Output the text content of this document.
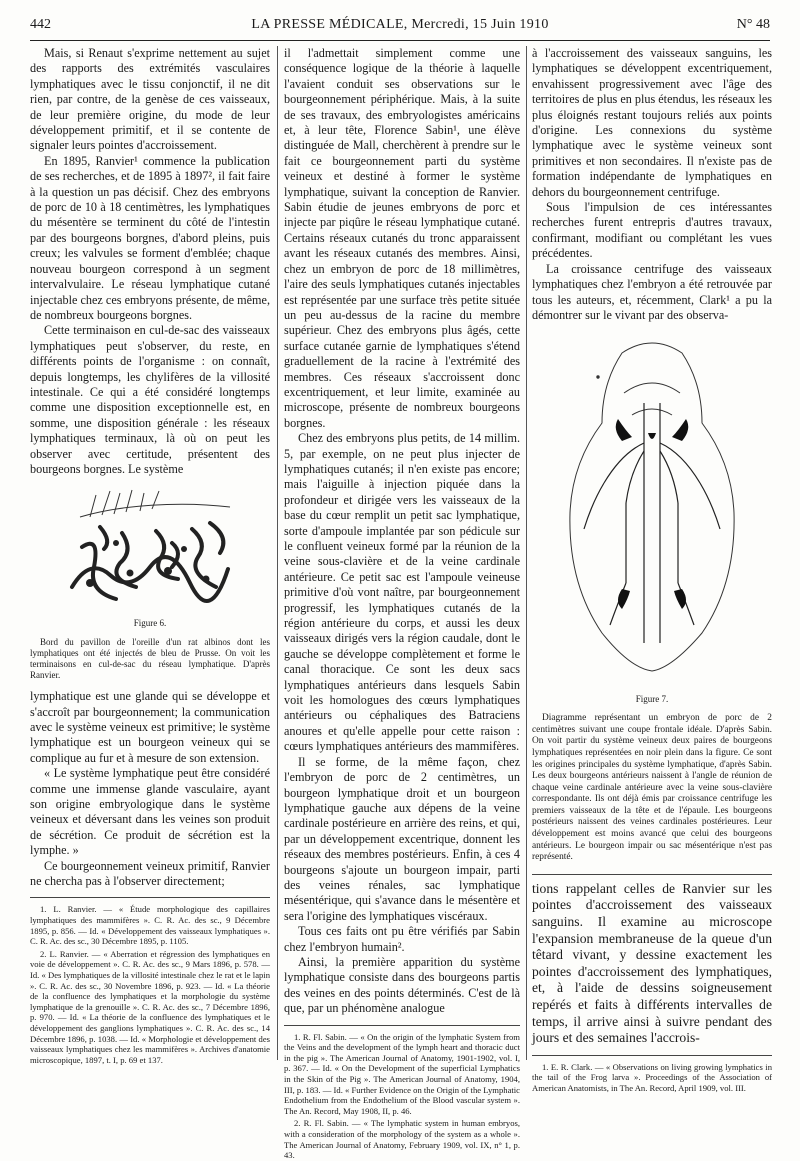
442	LA PRESSE MÉDICALE, Mercredi, 15 Juin 1910	N° 48

Mais, si Renaut s'exprime nettement au sujet des rapports des extrémités vasculaires lymphatiques avec le tissu conjonctif, il ne dit rien, par contre, de la genèse de ces vaisseaux, de leur première origine, du mode de leur développement primitif, et il se contente de signaler leurs pointes d'accroissement.

En 1895, Ranvier¹ commence la publication de ses recherches, et de 1895 à 1897², il fait faire à la question un pas décisif. Chez des embryons de porc de 10 à 18 centimètres, les lymphatiques du mésentère se terminent du côté de l'intestin par des bourgeons borgnes, d'abord pleins, puis creux; les valvules se forment d'emblée; chaque nouveau bourgeon correspond à un segment intervalvulaire. Le réseau lymphatique cutané injectable chez ces embryons présente, de même, de nombreux bourgeons borgnes.

Cette terminaison en cul-de-sac des vaisseaux lymphatiques peut s'observer, du reste, en différents points de l'organisme : on connaît, depuis longtemps, les chylifères de la villosité intestinale. Ce qui a été considéré longtemps comme une disposition exceptionnelle est, en somme, une disposition générale : les réseaux lymphatiques terminaux, là où on peut les observer avec certitude, présentent des bourgeons borgnes. Le système

Figure 6.
Bord du pavillon de l'oreille d'un rat albinos dont les lymphatiques ont été injectés de bleu de Prusse. On voit les terminaisons en cul-de-sac du réseau lymphatique. D'après Ranvier.

lymphatique est une glande qui se développe et s'accroît par bourgeonnement; la communication avec le système veineux est primitive; le système lymphatique est un bourgeon veineux qui se complique au fur et à mesure de son extension.

« Le système lymphatique peut être considéré comme une immense glande vasculaire, ayant son origine embryologique dans le système veineux et déversant dans les veines son produit de sécrétion. Ce produit de sécrétion est la lymphe. »

Ce bourgeonnement veineux primitif, Ranvier ne chercha pas à l'observer directement;

1. L. Ranvier. — « Étude morphologique des capillaires lymphatiques des mammifères ». C. R. Ac. des sc., 9 Décembre 1895, p. 856. — Id. « Développement des vaisseaux lymphatiques ». C. R. Ac. des sc., 30 Décembre 1895, p. 1105.
2. L. Ranvier. — « Aberration et régression des lymphatiques en voie de développement ». C. R. Ac. des sc., 9 Mars 1896, p. 578. — Id. « Des lymphatiques de la villosité intestinale chez le rat et le lapin ». C. R. Ac. des sc., 30 Novembre 1896, p. 923. — Id. « La théorie de la confluence des lymphatiques et la morphologie du système lymphatique de la grenouille ». C. R. Ac. des sc., 7 Décembre 1896, p. 970. — Id. « La théorie de la confluence des lymphatiques et le développement des ganglions lymphatiques ». C. R. Ac. des sc., 14 Décembre 1896, p. 1038. — Id. « Morphologie et développement des vaisseaux lymphatiques chez les mammifères ». Archives d'anatomie microscopique, 1897, t. I, p. 69 et 137.

il l'admettait simplement comme une conséquence logique de la théorie à laquelle l'avaient conduit ses observations sur le bourgeonnement périphérique. Mais, à la suite de ses travaux, des embryologistes américains et, à leur tête, Florence Sabin¹, une élève distinguée de Mall, cherchèrent à prendre sur le fait ce bourgeonnement parti du système veineux et destiné à former le système lymphatique, suivant la conception de Ranvier. Sabin étudie de jeunes embryons de porc et injecte par piqûre le réseau lymphatique cutané. Certains réseaux cutanés du tronc apparaissent avant les réseaux cutanés des membres. Ainsi, chez un embryon de porc de 18 millimètres, l'aire des seuls lymphatiques cutanés injectables est représentée par une surface très petite située un peu au-dessus de la racine du membre supérieur. Chez des embryons plus âgés, cette surface cutanée garnie de lymphatiques s'étend graduellement de la racine à l'extrémité des membres. Ces réseaux s'accroissent donc excentriquement, et leur limite, examinée au microscope, présente de nombreux bourgeons borgnes.

Chez des embryons plus petits, de 14 millim. 5, par exemple, on ne peut plus injecter de lymphatiques cutanés; il n'en existe pas encore; mais l'aiguille à injection piquée dans la profondeur et dirigée vers les vaisseaux de la base du cœur remplit un petit sac lymphatique, sorte d'ampoule implantée par son pédicule sur le confluent veineux formé par la réunion de la veine sous-clavière et de la veine cardinale antérieure. Ce petit sac est l'ampoule veineuse primitive d'où vont naître, par bourgeonnement progressif, les lymphatiques cutanés de la région antérieure du corps, et aussi les deux vaisseaux dirigés vers la région caudale, dont le gauche se développe complètement et forme le canal thoracique. Ce sont les deux sacs lymphatiques antérieurs dans lesquels Sabin voit les homologues des cœurs lymphatiques antérieurs ou céphaliques des Batraciens anoures et qu'elle appelle pour cette raison : cœurs lymphatiques antérieurs des mammifères.

Il se forme, de la même façon, chez l'embryon de porc de 2 centimètres, un bourgeon lymphatique droit et un bourgeon lymphatique gauche aux dépens de la veine cardinale postérieure en arrière des reins, et qui, par un développement excentrique, donnent les réseaux des membres postérieurs. Enfin, à ces 4 bourgeons s'ajoute un bourgeon impair, parti des veines rénales, sac lymphatique mésentérique, qui s'avance dans le mésentère et sera l'origine des lymphatiques viscéraux.

Tous ces faits ont pu être vérifiés par Sabin chez l'embryon humain².

Ainsi, la première apparition du système lymphatique consiste dans des bourgeons partis des veines en des points déterminés. C'est de là que, par un phénomène analogue

1. R. Fl. Sabin. — « On the origin of the lymphatic System from the Veins and the development of the lymph heart and thoracic duct in the pig ». The American Journal of Anatomy, 1901-1902, vol. I, p. 367. — Id. « On the Development of the superficial Lymphatics in the Skin of the Pig ». The American Journal of Anatomy, 1904, III, p. 183. — Id. « Further Evidence on the Origin of the Lymphatic Endothelium from the Endothelium of the Blood vascular system ». The An. Record, May 1908, II, p. 46.
2. R. Fl. Sabin. — « The lymphatic system in human embryos, with a consideration of the morphology of the system as a whole ». The American Journal of Anatomy, February 1909, vol. IX, n° 1, p. 43.

à l'accroissement des vaisseaux sanguins, les lymphatiques se développent excentriquement, envahissent progressivement avec l'âge des territoires de plus en plus étendus, les réseaux les plus éloignés restant toujours reliés aux points d'origine. Les connexions du système lymphatique avec le système veineux sont primitives et non secondaires. Il n'existe pas de formation indépendante de lymphatiques en dehors du bourgeonnement centrifuge.

Sous l'impulsion de ces intéressantes recherches furent entrepris d'autres travaux, confirmant, modifiant ou complétant les vues précédentes.

La croissance centrifuge des vaisseaux lymphatiques chez l'embryon a été retrouvée par tous les auteurs, et, récemment, Clark¹ a pu la démontrer sur le vivant par des observa-

Figure 7.
Diagramme représentant un embryon de porc de 2 centimètres suivant une coupe frontale idéale. D'après Sabin. On voit partir du système veineux deux paires de bourgeons lymphatiques représentées en noir plein dans la figure. Ce sont les origines principales du système lymphatique, d'après Sabin. Les deux bourgeons antérieurs naissent à l'angle de réunion de chaque veine cardinale antérieure avec la veine sous-clavière correspondante. Ils ont déjà émis par croissance centrifuge les premiers vaisseaux de la tête et de l'épaule. Les bourgeons postérieurs naissent des veines cardinales postérieures. Leur développement est moins avancé que celui des bourgeons antérieurs. Le bourgeon impair ou sac mésentérique n'est pas représenté.

tions rappelant celles de Ranvier sur les pointes d'accroissement des vaisseaux sanguins. Il examine au microscope l'expansion membraneuse de la queue d'un têtard vivant, y dessine exactement les pointes d'accroissement des lymphatiques, et, à l'aide de dessins soigneusement repérés et faits à différents intervalles de temps, il arrive ainsi à suivre pendant des jours et des semaines l'accrois-

1. E. R. Clark. — « Observations on living growing lymphatics in the tail of the Frog larva ». Proceedings of the Association of American Anatomists, in The An. Record, April 1909, vol. III.
